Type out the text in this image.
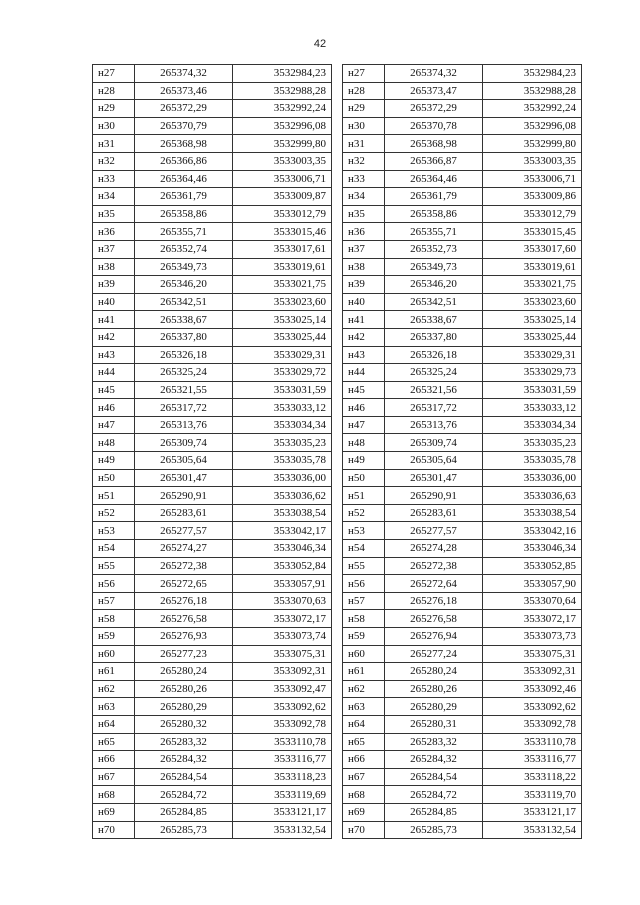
42
н27	265374,32	3532984,23
н28	265373,46	3532988,28
н29	265372,29	3532992,24
н30	265370,79	3532996,08
н31	265368,98	3532999,80
н32	265366,86	3533003,35
н33	265364,46	3533006,71
н34	265361,79	3533009,87
н35	265358,86	3533012,79
н36	265355,71	3533015,46
н37	265352,74	3533017,61
н38	265349,73	3533019,61
н39	265346,20	3533021,75
н40	265342,51	3533023,60
н41	265338,67	3533025,14
н42	265337,80	3533025,44
н43	265326,18	3533029,31
н44	265325,24	3533029,72
н45	265321,55	3533031,59
н46	265317,72	3533033,12
н47	265313,76	3533034,34
н48	265309,74	3533035,23
н49	265305,64	3533035,78
н50	265301,47	3533036,00
н51	265290,91	3533036,62
н52	265283,61	3533038,54
н53	265277,57	3533042,17
н54	265274,27	3533046,34
н55	265272,38	3533052,84
н56	265272,65	3533057,91
н57	265276,18	3533070,63
н58	265276,58	3533072,17
н59	265276,93	3533073,74
н60	265277,23	3533075,31
н61	265280,24	3533092,31
н62	265280,26	3533092,47
н63	265280,29	3533092,62
н64	265280,32	3533092,78
н65	265283,32	3533110,78
н66	265284,32	3533116,77
н67	265284,54	3533118,23
н68	265284,72	3533119,69
н69	265284,85	3533121,17
н70	265285,73	3533132,54
н27	265374,32	3532984,23
н28	265373,47	3532988,28
н29	265372,29	3532992,24
н30	265370,78	3532996,08
н31	265368,98	3532999,80
н32	265366,87	3533003,35
н33	265364,46	3533006,71
н34	265361,79	3533009,86
н35	265358,86	3533012,79
н36	265355,71	3533015,45
н37	265352,73	3533017,60
н38	265349,73	3533019,61
н39	265346,20	3533021,75
н40	265342,51	3533023,60
н41	265338,67	3533025,14
н42	265337,80	3533025,44
н43	265326,18	3533029,31
н44	265325,24	3533029,73
н45	265321,56	3533031,59
н46	265317,72	3533033,12
н47	265313,76	3533034,34
н48	265309,74	3533035,23
н49	265305,64	3533035,78
н50	265301,47	3533036,00
н51	265290,91	3533036,63
н52	265283,61	3533038,54
н53	265277,57	3533042,16
н54	265274,28	3533046,34
н55	265272,38	3533052,85
н56	265272,64	3533057,90
н57	265276,18	3533070,64
н58	265276,58	3533072,17
н59	265276,94	3533073,73
н60	265277,24	3533075,31
н61	265280,24	3533092,31
н62	265280,26	3533092,46
н63	265280,29	3533092,62
н64	265280,31	3533092,78
н65	265283,32	3533110,78
н66	265284,32	3533116,77
н67	265284,54	3533118,22
н68	265284,72	3533119,70
н69	265284,85	3533121,17
н70	265285,73	3533132,54
